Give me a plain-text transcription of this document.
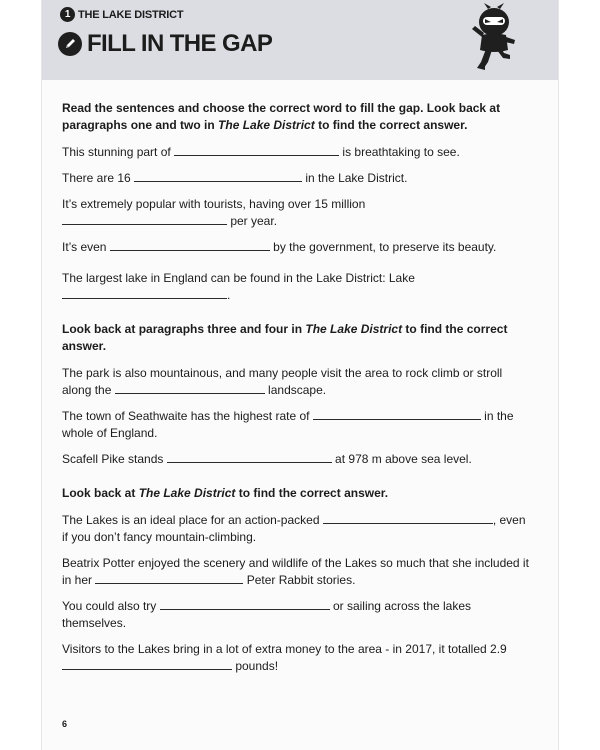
1 THE LAKE DISTRICT
FILL IN THE GAP

Read the sentences and choose the correct word to fill the gap. Look back at paragraphs one and two in The Lake District to find the correct answer.

This stunning part of	is breathtaking to see.

There are 16	in the Lake District.

It’s extremely popular with tourists, having over 15 million
per year.

It’s even	by the government, to preserve its beauty.

The largest lake in England can be found in the Lake District: Lake
.

Look back at paragraphs three and four in The Lake District to find the correct answer.

The park is also mountainous, and many people visit the area to rock climb or stroll along the	landscape.

The town of Seathwaite has the highest rate of	in the whole of England.

Scafell Pike stands	at 978 m above sea level.

Look back at The Lake District to find the correct answer.

The Lakes is an ideal place for an action-packed	, even if you don’t fancy mountain-climbing.

Beatrix Potter enjoyed the scenery and wildlife of the Lakes so much that she included it in her	Peter Rabbit stories.

You could also try	or sailing across the lakes themselves.

Visitors to the Lakes bring in a lot of extra money to the area - in 2017, it totalled 2.9  pounds!

6
